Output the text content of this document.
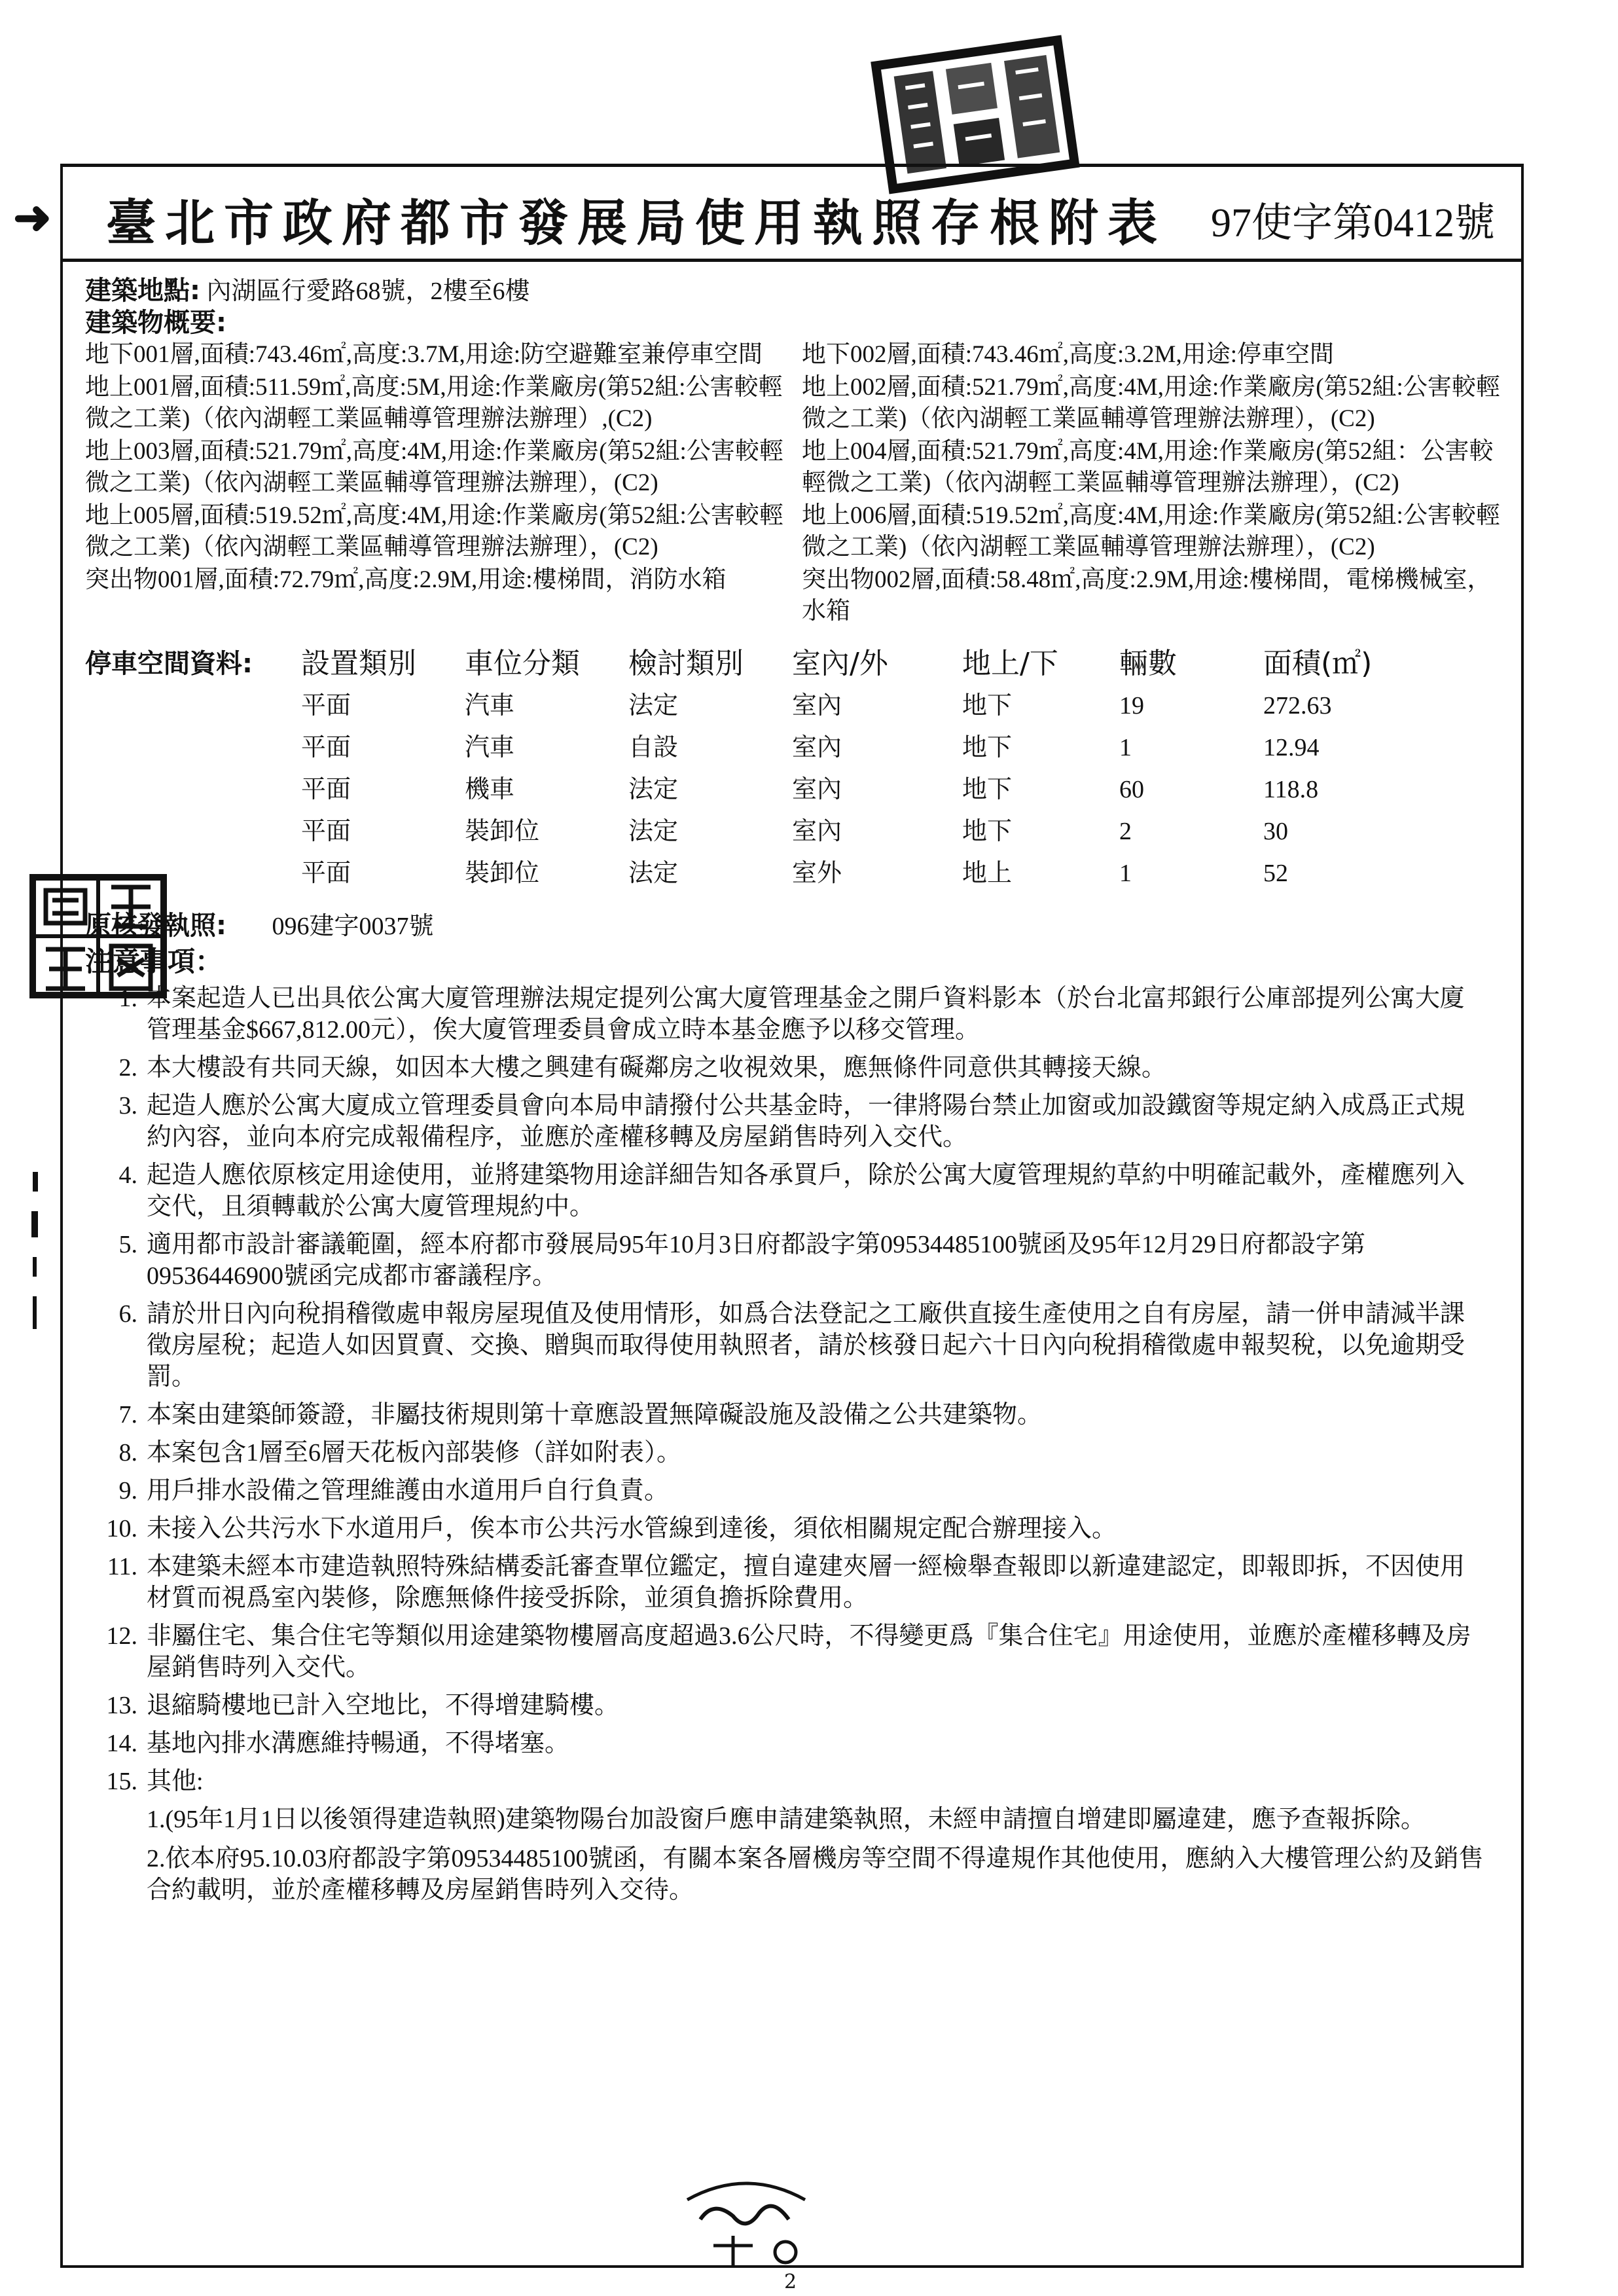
➜ 臺北市政府都市發展局使用執照存根附表 97使字第0412號
建築地點: 內湖區行愛路68號，2樓至6樓
建築物概要:
地下001層,面積:743.46㎡,高度:3.7M,用途:防空避難室兼停車空間	地下002層,面積:743.46㎡,高度:3.2M,用途:停車空間
地上001層,面積:511.59㎡,高度:5M,用途:作業廠房(第52組:公害較輕微之工業)（依內湖輕工業區輔導管理辦法辦理）,(C2)
地上002層,面積:521.79㎡,高度:4M,用途:作業廠房(第52組:公害較輕微之工業)（依內湖輕工業區輔導管理辦法辦理），(C2)
地上003層,面積:521.79㎡,高度:4M,用途:作業廠房(第52組:公害較輕微之工業)（依內湖輕工業區輔導管理辦法辦理），(C2)
地上004層,面積:521.79㎡,高度:4M,用途:作業廠房(第52組：公害較輕微之工業)（依內湖輕工業區輔導管理辦法辦理），(C2)
地上005層,面積:519.52㎡,高度:4M,用途:作業廠房(第52組:公害較輕微之工業)（依內湖輕工業區輔導管理辦法辦理），(C2)
地上006層,面積:519.52㎡,高度:4M,用途:作業廠房(第52組:公害較輕微之工業)（依內湖輕工業區輔導管理辦法辦理），(C2)
突出物001層,面積:72.79㎡,高度:2.9M,用途:樓梯間，消防水箱	突出物002層,面積:58.48㎡,高度:2.9M,用途:樓梯間，電梯機械室，水箱
停車空間資料:	設置類別	車位分類	檢討類別	室內/外	地上/下	輛數	面積(㎡)
平面	汽車	法定	室內	地下	19	272.63
平面	汽車	自設	室內	地下	1	12.94
平面	機車	法定	室內	地下	60	118.8
平面	裝卸位	法定	室內	地下	2	30
平面	裝卸位	法定	室外	地上	1	52
原核發執照: 096建字0037號
注意事項：
1. 本案起造人已出具依公寓大廈管理辦法規定提列公寓大廈管理基金之開戶資料影本（於台北富邦銀行公庫部提列公寓大廈管理基金$667,812.00元），俟大廈管理委員會成立時本基金應予以移交管理。
2. 本大樓設有共同天線，如因本大樓之興建有礙鄰房之收視效果，應無條件同意供其轉接天線。
3. 起造人應於公寓大廈成立管理委員會向本局申請撥付公共基金時，一律將陽台禁止加窗或加設鐵窗等規定納入成爲正式規約內容，並向本府完成報備程序，並應於產權移轉及房屋銷售時列入交代。
4. 起造人應依原核定用途使用，並將建築物用途詳細告知各承買戶，除於公寓大廈管理規約草約中明確記載外，產權應列入交代，且須轉載於公寓大廈管理規約中。
5. 適用都市設計審議範圍，經本府都市發展局95年10月3日府都設字第09534485100號函及95年12月29日府都設字第09536446900號函完成都市審議程序。
6. 請於卅日內向稅捐稽徵處申報房屋現值及使用情形，如爲合法登記之工廠供直接生產使用之自有房屋，請一併申請減半課徵房屋稅；起造人如因買賣、交換、贈與而取得使用執照者，請於核發日起六十日內向稅捐稽徵處申報契稅，以免逾期受罰。
7. 本案由建築師簽證，非屬技術規則第十章應設置無障礙設施及設備之公共建築物。
8. 本案包含1層至6層天花板內部裝修（詳如附表）。
9. 用戶排水設備之管理維護由水道用戶自行負責。
10. 未接入公共污水下水道用戶，俟本市公共污水管線到達後，須依相關規定配合辦理接入。
11. 本建築未經本市建造執照特殊結構委託審查單位鑑定，擅自違建夾層一經檢舉查報即以新違建認定，即報即拆，不因使用材質而視爲室內裝修，除應無條件接受拆除，並須負擔拆除費用。
12. 非屬住宅、集合住宅等類似用途建築物樓層高度超過3.6公尺時，不得變更爲『集合住宅』用途使用，並應於產權移轉及房屋銷售時列入交代。
13. 退縮騎樓地已計入空地比，不得增建騎樓。
14. 基地內排水溝應維持暢通，不得堵塞。
15. 其他:
1.(95年1月1日以後領得建造執照)建築物陽台加設窗戶應申請建築執照，未經申請擅自增建即屬違建，應予查報拆除。
2.依本府95.10.03府都設字第09534485100號函，有關本案各層機房等空間不得違規作其他使用，應納入大樓管理公約及銷售合約載明，並於產權移轉及房屋銷售時列入交待。
2
